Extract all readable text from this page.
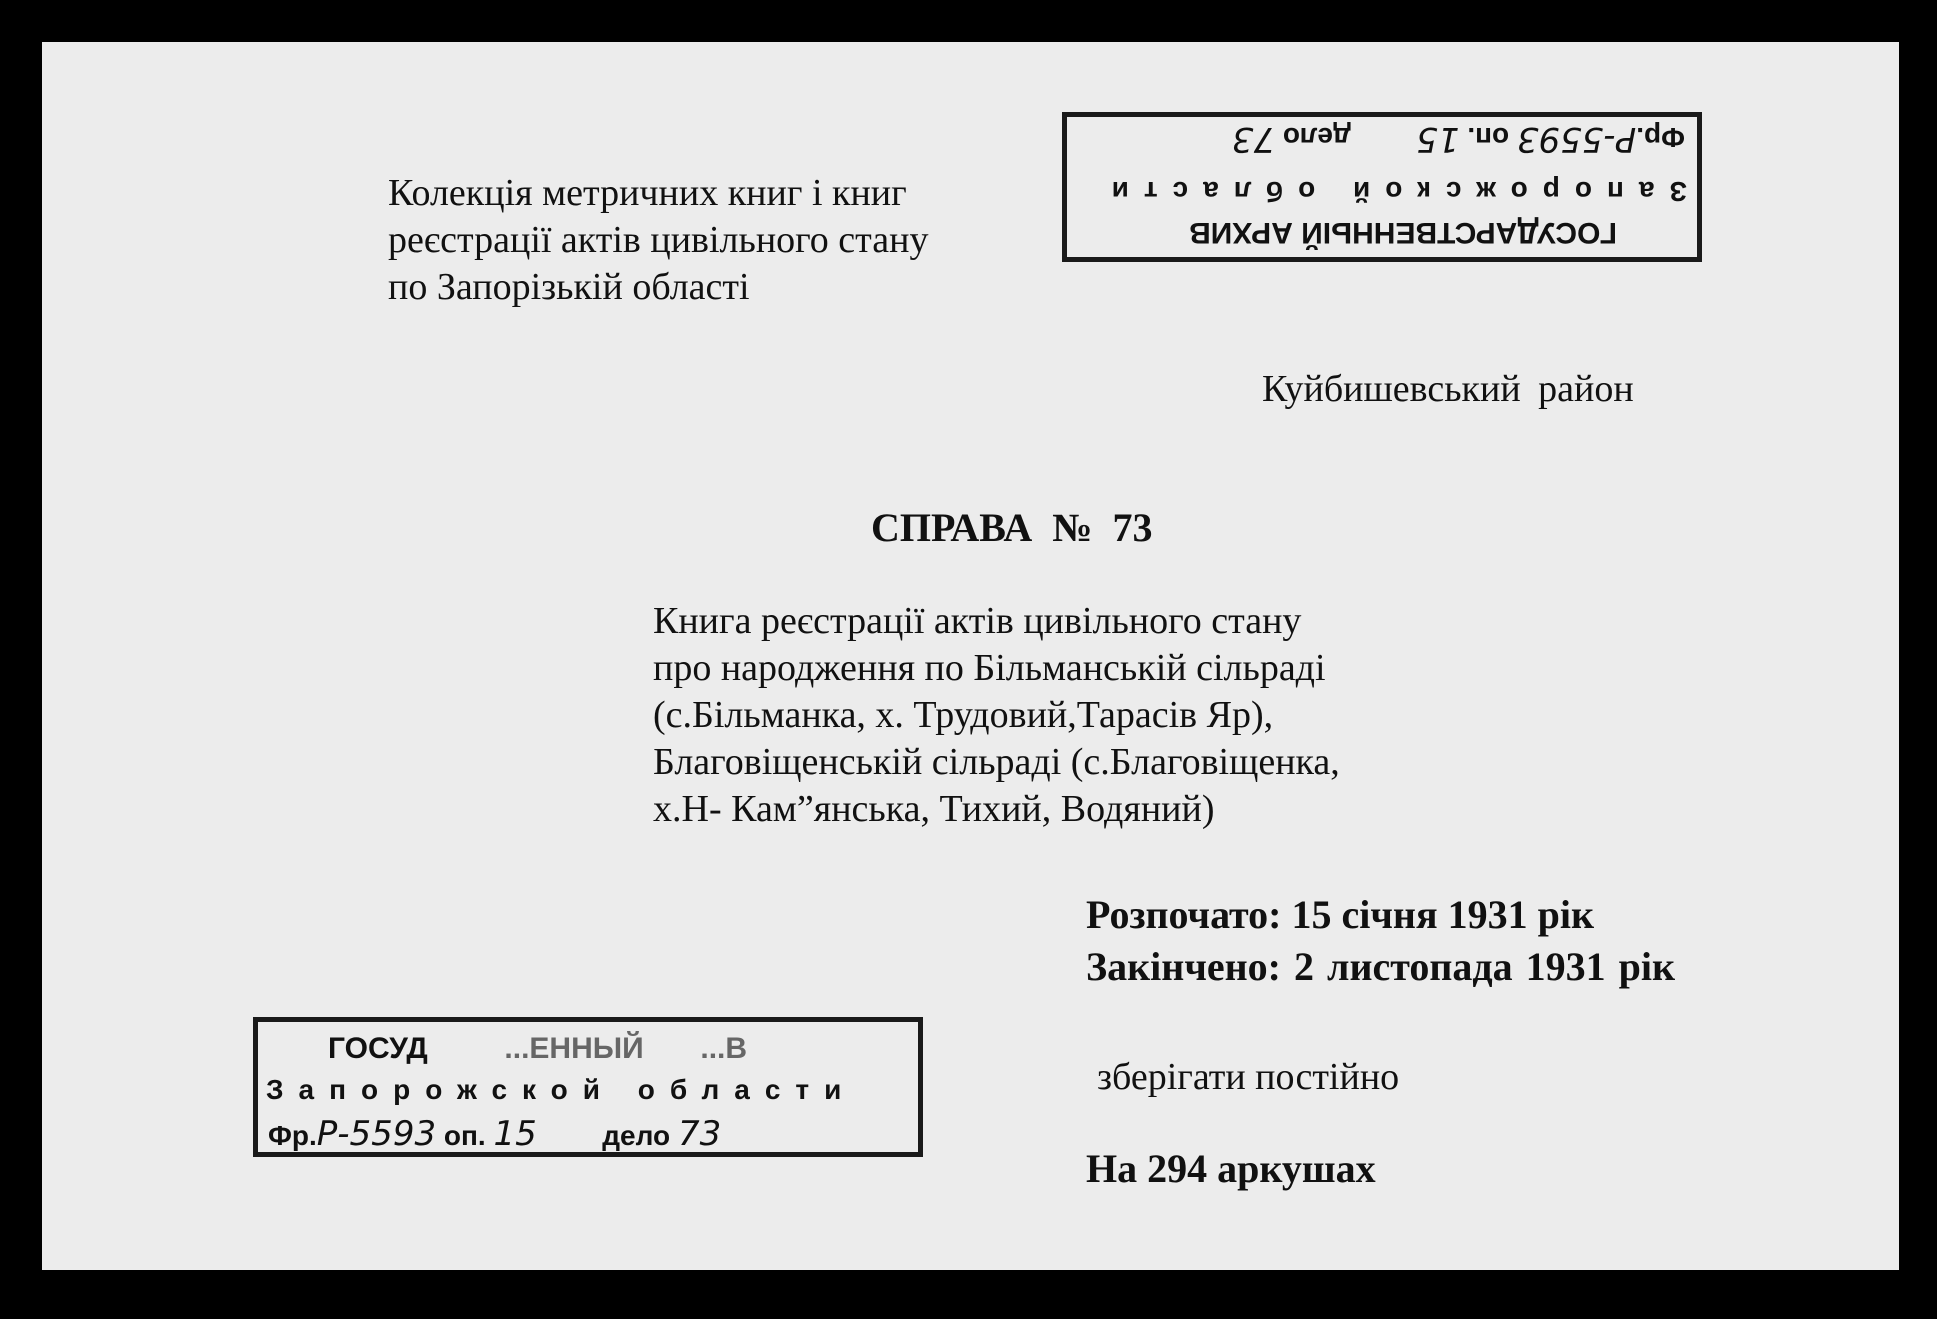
Колекція метричних книг і книг
реєстрації актів цивільного стану
по Запорізькій області
ГОСУДАРСТВЕННЫЙ АРХИВ
Запорожской области
Фр.Р-5593 оп. 15  дело 73
Куйбишевський район
СПРАВА № 73
Книга реєстрації актів цивільного стану
про народження по Більманській сільраді
(с.Більманка, х. Трудовий,Тарасів Яр),
Благовіщенській сільраді (с.Благовіщенка,
х.Н- Кам”янська, Тихий, Водяний)
Розпочато: 15 січня 1931 рік
Закінчено: 2 листопада 1931 рік
ГОСУД	...ЕННЫЙ ...В
Запорожской области
Фр.Р-5593 оп. 15 дело 73
зберігати постійно
На 294 аркушах
